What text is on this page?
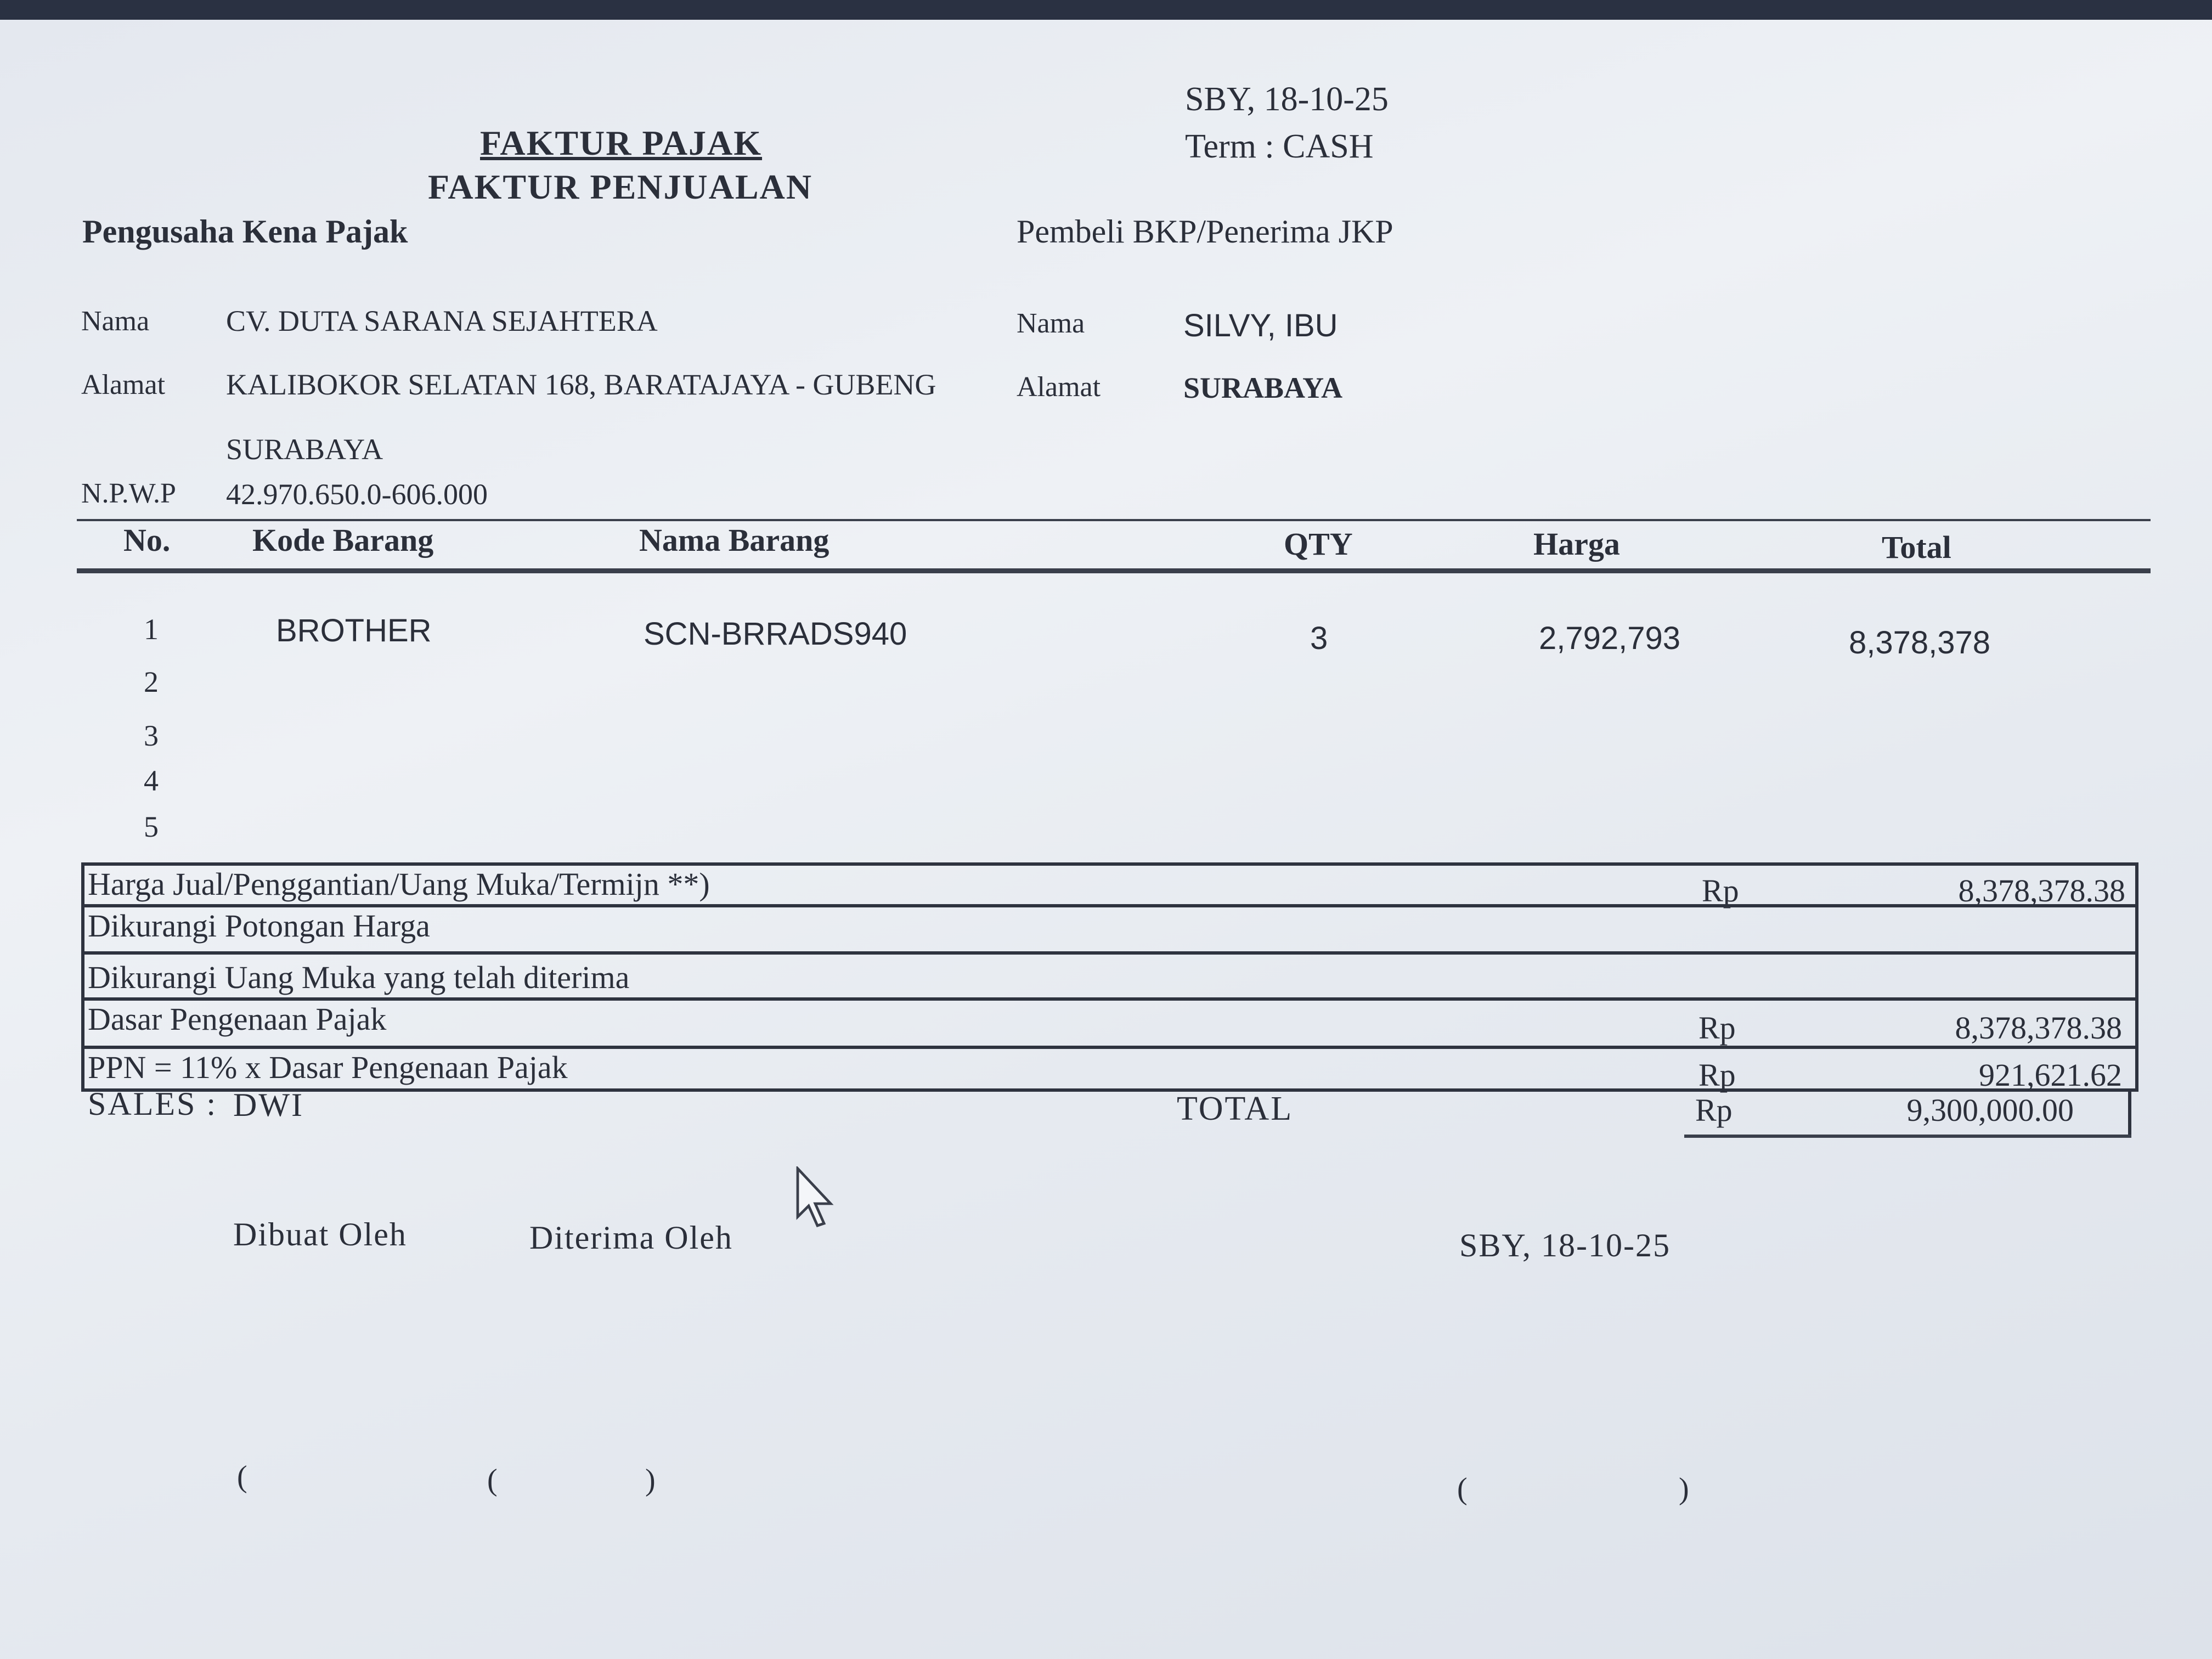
SBY, 18-10-25
Term : CASH
FAKTUR PAJAK
FAKTUR PENJUALAN
Pengusaha Kena Pajak	Pembeli BKP/Penerima JKP
Nama	CV. DUTA SARANA SEJAHTERA
Alamat KALIBOKOR SELATAN 168, BARATAJAYA - GUBENG
SURABAYA
N.P.W.P 42.970.650.0-606.000
Nama	SILVY, IBU
Alamat	SURABAYA
No.	Kode Barang	Nama Barang	QTY	Harga	Total
1	BROTHER	SCN-BRRADS940	3	2,792,793	8,378,378
2
3
4
5
Harga Jual/Penggantian/Uang Muka/Termijn **)	Rp	8,378,378.38
Dikurangi Potongan Harga
Dikurangi Uang Muka yang telah diterima
Dasar Pengenaan Pajak	Rp	8,378,378.38
PPN = 11% x Dasar Pengenaan Pajak	Rp	921,621.62
SALES : DWI	TOTAL	Rp	9,300,000.00
Dibuat Oleh	Diterima Oleh	SBY, 18-10-25
(	(	)	(	)
